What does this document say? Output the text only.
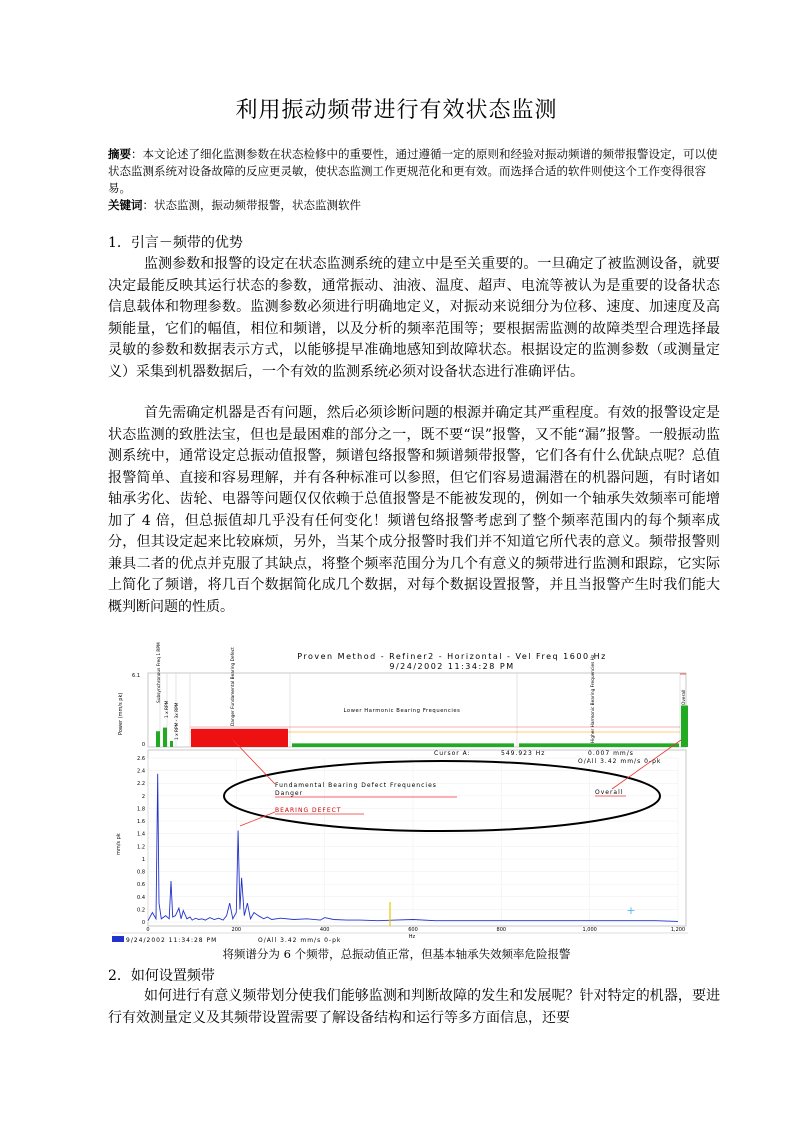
利用振动频带进行有效状态监测
摘要：本文论述了细化监测参数在状态检修中的重要性，通过遵循一定的原则和经验对振动频谱的频带报警设定，可以使状态监测系统对设备故障的反应更灵敏，使状态监测工作更规范化和更有效。而选择合适的软件则使这个工作变得很容易。
关键词：状态监测，振动频带报警，状态监测软件
1．引言－频带的优势
监测参数和报警的设定在状态监测系统的建立中是至关重要的。一旦确定了被监测设备，就要决定最能反映其运行状态的参数，通常振动、油液、温度、超声、电流等被认为是重要的设备状态信息载体和物理参数。监测参数必须进行明确地定义，对振动来说细分为位移、速度、加速度及高频能量，它们的幅值，相位和频谱，以及分析的频率范围等；要根据需监测的故障类型合理选择最灵敏的参数和数据表示方式，以能够提早准确地感知到故障状态。根据设定的监测参数（或测量定义）采集到机器数据后，一个有效的监测系统必须对设备状态进行准确评估。
首先需确定机器是否有问题，然后必须诊断问题的根源并确定其严重程度。有效的报警设定是状态监测的致胜法宝，但也是最困难的部分之一，既不要“误”报警，又不能“漏”报警。一般振动监测系统中，通常设定总振动值报警，频谱包络报警和频谱频带报警，它们各有什么优缺点呢？总值报警简单、直接和容易理解，并有各种标准可以参照，但它们容易遗漏潜在的机器问题，有时诸如轴承劣化、齿轮、电器等问题仅仅依赖于总值报警是不能被发现的，例如一个轴承失效频率可能增加了 4 倍，但总振值却几乎没有任何变化！频谱包络报警考虑到了整个频率范围内的每个频率成分，但其设定起来比较麻烦，另外，当某个成分报警时我们并不知道它所代表的意义。频带报警则兼具二者的优点并克服了其缺点，将整个频率范围分为几个有意义的频带进行监测和跟踪，它实际上简化了频谱，将几百个数据简化成几个数据，对每个数据设置报警，并且当报警产生时我们能大概判断问题的性质。
Proven Method - Refiner2 - Horizontal - Vel Freq 1600 Hz
9/24/2002 11:34:28 PM
Power (mm/s pk)
6.1
0
Subsynchronous Freq 1 RPM
1 x RPM 1 x RPM - 3x RPM	Danger Fundamental Bearing Defect	Lower Harmonic Bearing Frequencies	Higher Harmonic Bearing Frequencies Hz	Overall
Cursor A:	549.923 Hz	0.007 mm/s
O/All 3.42 mm/s 0-pk
mm/s pk
0
0.2
0.4
0.6
0.8
1
1.2
1.4
1.6
1.8
2
2.2
2.4
2.6
0	200	400	600	800	1,000	1,200
Hz
+
Fundamental Bearing Defect Frequencies
Danger
BEARING DEFECT
Overall
9/24/2002 11:34:28 PM	O/All 3.42 mm/s 0-pk
将频谱分为 6 个频带，总振动值正常，但基本轴承失效频率危险报警
2．如何设置频带
如何进行有意义频带划分使我们能够监测和判断故障的发生和发展呢？针对特定的机器，要进行有效测量定义及其频带设置需要了解设备结构和运行等多方面信息，还要
